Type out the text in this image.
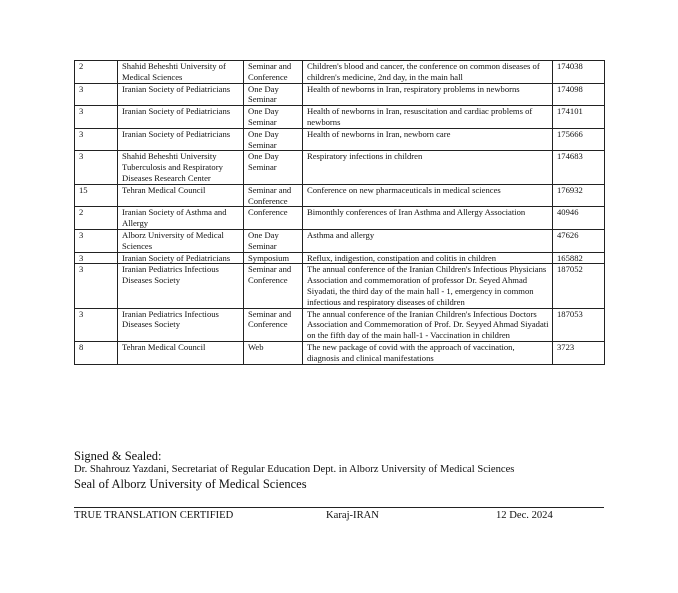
2	Shahid Beheshti University of Medical Sciences	Seminar and Conference	Children's blood and cancer, the conference on common diseases of children's medicine, 2nd day, in the main hall	174038
3	Iranian Society of Pediatricians	One Day Seminar	Health of newborns in Iran, respiratory problems in newborns	174098
3	Iranian Society of Pediatricians	One Day Seminar	Health of newborns in Iran, resuscitation and cardiac problems of newborns	174101
3	Iranian Society of Pediatricians	One Day Seminar	Health of newborns in Iran, newborn care	175666
3	Shahid Beheshti University Tuberculosis and Respiratory Diseases Research Center	One Day Seminar	Respiratory infections in children	174683
15	Tehran Medical Council	Seminar and Conference	Conference on new pharmaceuticals in medical sciences	176932
2	Iranian Society of Asthma and Allergy	Conference	Bimonthly conferences of Iran Asthma and Allergy Association	40946
3	Alborz University of Medical Sciences	One Day Seminar	Asthma and allergy	47626
3	Iranian Society of Pediatricians	Symposium	Reflux, indigestion, constipation and colitis in children	165882
3	Iranian Pediatrics Infectious Diseases Society	Seminar and Conference	The annual conference of the Iranian Children's Infectious Physicians Association and commemoration of professor Dr. Seyed Ahmad Siyadati, the third day of the main hall - 1, emergency in common infectious and respiratory diseases of children	187052
3	Iranian Pediatrics Infectious Diseases Society	Seminar and Conference	The annual conference of the Iranian Children's Infectious Doctors Association and Commemoration of Prof. Dr. Seyyed Ahmad Siyadati on the fifth day of the main hall-1 - Vaccination in children	187053
8	Tehran Medical Council	Web	The new package of covid with the approach of vaccination, diagnosis and clinical manifestations	3723
Signed & Sealed:
Dr. Shahrouz Yazdani, Secretariat of Regular Education Dept. in Alborz University of Medical Sciences
Seal of Alborz University of Medical Sciences
TRUE TRANSLATION CERTIFIED	Karaj-IRAN	12 Dec. 2024
